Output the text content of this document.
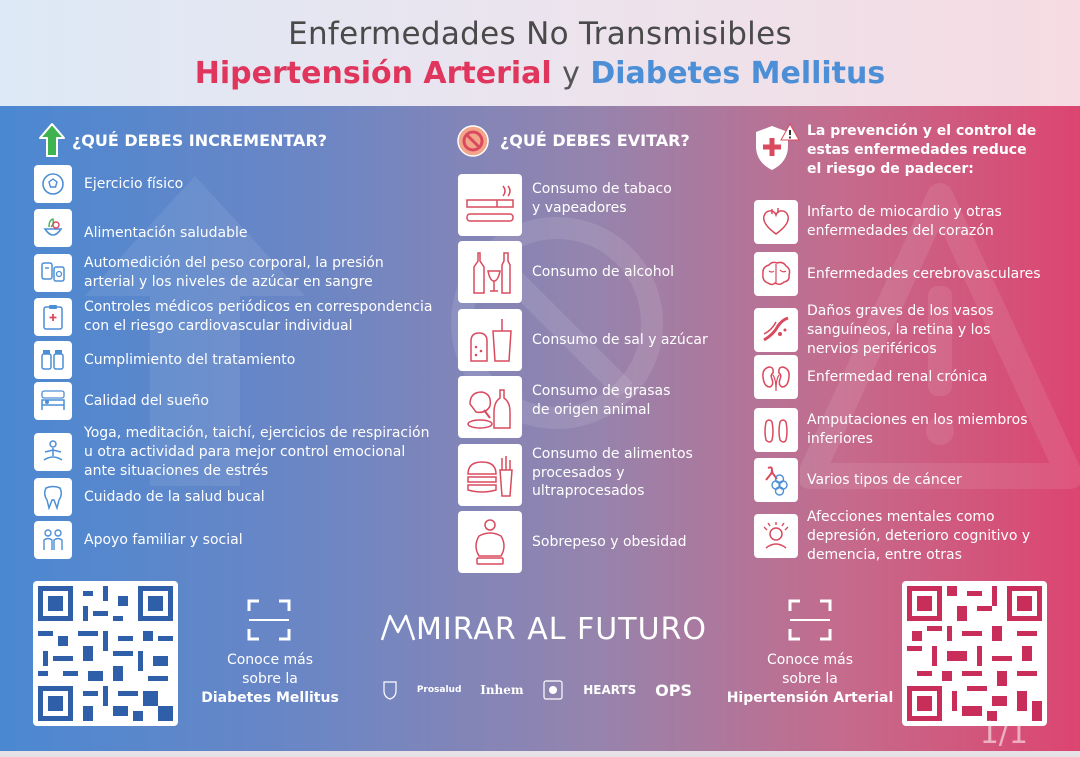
Enfermedades No Transmisibles
Hipertensión Arterial y Diabetes Mellitus
¿QUÉ DEBES INCREMENTAR?
Ejercicio físico
Alimentación saludable
Automedición del peso corporal, la presión arterial y los niveles de azúcar en sangre
Controles médicos periódicos en correspondencia con el riesgo cardiovascular individual
Cumplimiento del tratamiento
Calidad del sueño
Yoga, meditación, taichí, ejercicios de respiración u otra actividad para mejor control emocional ante situaciones de estrés
Cuidado de la salud bucal
Apoyo familiar y social
¿QUÉ DEBES EVITAR?
Consumo de tabaco y vapeadores
Consumo de alcohol
Consumo de sal y azúcar
Consumo de grasas de origen animal
Consumo de alimentos procesados y ultraprocesados
Sobrepeso y obesidad
La prevención y el control de estas enfermedades reduce el riesgo de padecer:
Infarto de miocardio y otras enfermedades del corazón
Enfermedades cerebrovasculares
Daños graves de los vasos sanguíneos, la retina y los nervios periféricos
Enfermedad renal crónica
Amputaciones en los miembros inferiores
Varios tipos de cáncer
Afecciones mentales como depresión, deterioro cognitivo y demencia, entre otras
Conoce más
sobre la
Diabetes Mellitus
MIRAR AL FUTURO
Prosalud Inhem	HEARTS OPS
Conoce más
sobre la
Hipertensión Arterial
1/1
